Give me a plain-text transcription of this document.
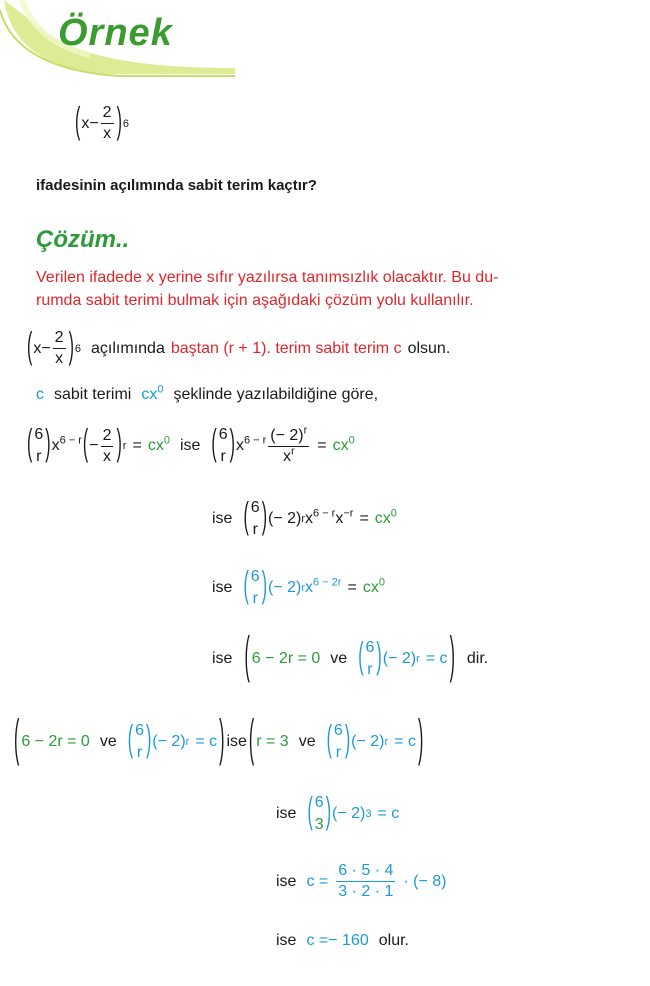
Örnek
( $x - \frac{2}{x}$ ) 6
ifadesinin açılımında sabit terim kaçtır?
Çözüm..
Verilen ifadede x yerine sıfır yazılırsa tanımsızlık olacaktır. Bu du-
rumda sabit terimi bulmak için aşağıdaki çözüm yolu kullanılır.
( $x - \frac{2}{x}$ ) 6 açılımında baştan (r + 1). terim sabit terim c olsun.
c sabit terimi $cx^0$ şeklinde yazılabildiğine göre,
( 6
r ) $x^{6 - r}$ ( − $\frac{2}{x}$ ) $r = cx^0$ ise ( 6
r ) $x^{6 - r} \frac{(- 2)^r}{x^r} = cx^0$
ise ( 6
r ) (− 2) r $x^{6 - r}x^{-r} = cx^0$
ise ( 6
r ) (− 2) r $x^{6 - 2r} = cx^0$
ise ( 6 − 2r = 0 ve ( 6
r ) (− 2) r = c ) dir.
( 6 − 2r = 0 ve ( 6
r ) (− 2) r = c ) ise ( r = 3 ve ( 6
r ) (− 2) r = c )
ise ( 6
3 ) (− 2) 3 = c
ise $c = \frac{6 \cdot 5 \cdot 4}{3 \cdot 2 \cdot 1}$ · (− 8)
ise c =− 160 olur.
